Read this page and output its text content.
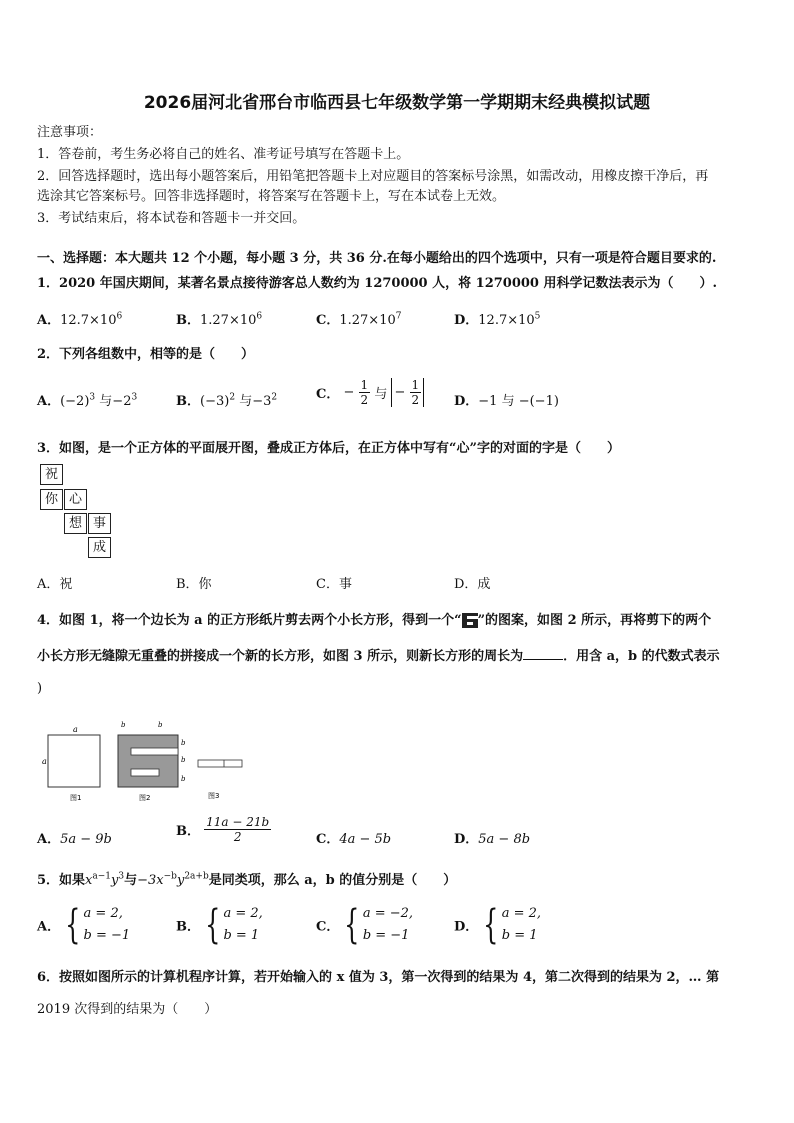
2026届河北省邢台市临西县七年级数学第一学期期末经典模拟试题
注意事项：
1．答卷前，考生务必将自己的姓名、准考证号填写在答题卡上。
2．回答选择题时，选出每小题答案后，用铅笔把答题卡上对应题目的答案标号涂黑，如需改动，用橡皮擦干净后，再
选涂其它答案标号。回答非选择题时，将答案写在答题卡上，写在本试卷上无效。
3．考试结束后，将本试卷和答题卡一并交回。
一、选择题：本大题共 12 个小题，每小题 3 分，共 36 分.在每小题给出的四个选项中，只有一项是符合题目要求的.
1．2020 年国庆期间，某著名景点接待游客总人数约为 1270000 人，将 1270000 用科学记数法表示为（　　）.
A．$12.7\times 10^6$	B．$1.27\times 10^6$	C．$1.27\times 10^7$	D．$12.7\times 10^5$
2．下列各组数中，相等的是（　　）
A．$(-2)^3$ 与$-2^3$	B．$(-3)^2$ 与$-3^2$	C． − $\frac{1}{2}$ 与 − $\frac{1}{2}$	D．−1 与 −(−1)
3．如图，是一个正方体的平面展开图，叠成正方体后，在正方体中写有“心”字的对面的字是（　　）
祝
你 心
想 事
成
A．祝	B．你	C．事	D．成
4．如图 1，将一个边长为 a 的正方形纸片剪去两个小长方形，得到一个“ ”的图案，如图 2 所示，再将剪下的两个
小长方形无缝隙无重叠的拼接成一个新的长方形，如图 3 所示，则新长方形的周长为	．用含 a，b 的代数式表示
)
a
a
图1
b	b
b
b
b
图2	图3
A．5a − 9b
B． $\frac{11a - 21b}{2}$	C．4a − 5b	D．5a − 8b
5．如果$x^{a-1}y^3$与$-3x^{-b}y^{2a+b}$是同类项，那么 a，b 的值分别是（　　）
A． { a = 2,
b = −1
B． { a = 2,
b = 1
C． { a = −2,
b = −1
D． { a = 2,
b = 1
6．按照如图所示的计算机程序计算，若开始输入的 x 值为 3，第一次得到的结果为 4，第二次得到的结果为 2，… 第
2019 次得到的结果为（　　）
